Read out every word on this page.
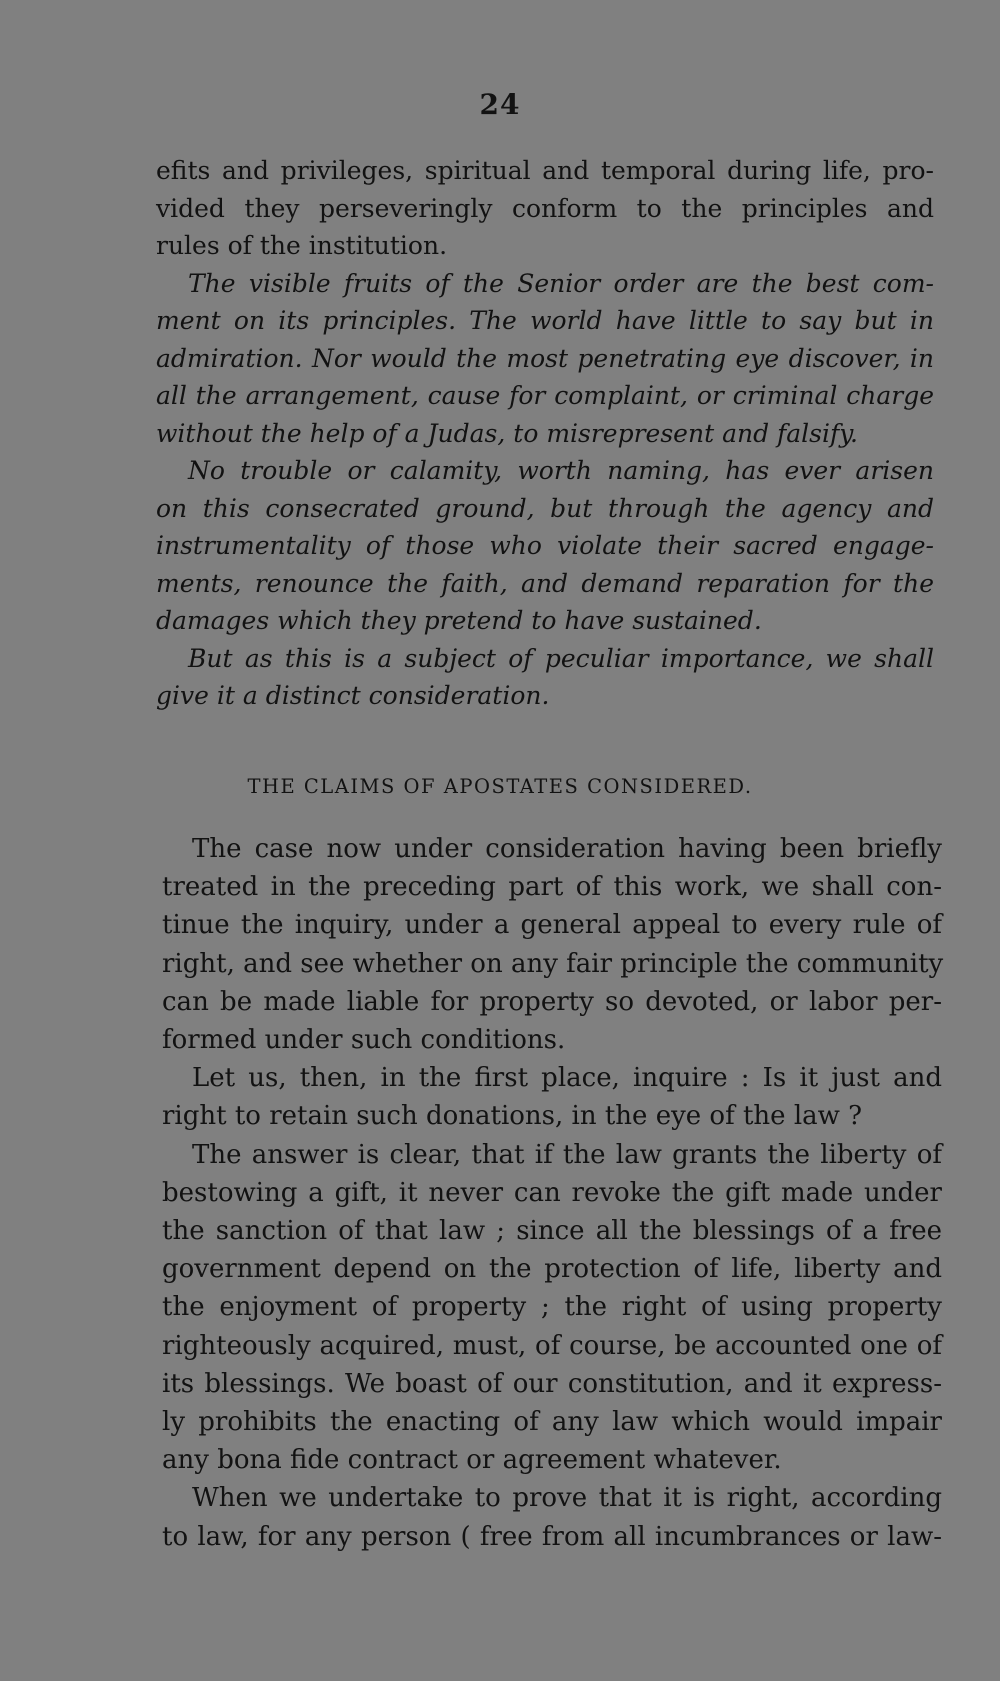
24

efits and privileges, spiritual and temporal during life, pro-
vided they perseveringly conform to the principles and
rules of the institution.

The visible fruits of the Senior order are the best com-
ment on its principles. The world have little to say but in
admiration. Nor would the most penetrating eye discover, in
all the arrangement, cause for complaint, or criminal charge
without the help of a Judas, to misrepresent and falsify.

No trouble or calamity, worth naming, has ever arisen
on this consecrated ground, but through the agency and
instrumentality of those who violate their sacred engage-
ments, renounce the faith, and demand reparation for the
damages which they pretend to have sustained.

But as this is a subject of peculiar importance, we shall
give it a distinct consideration.

THE CLAIMS OF APOSTATES CONSIDERED.
The case now under consideration having been briefly
treated in the preceding part of this work, we shall con-
tinue the inquiry, under a general appeal to every rule of
right, and see whether on any fair principle the community
can be made liable for property so devoted, or labor per-
formed under such conditions.
Let us, then, in the first place, inquire : Is it just and
right to retain such donations, in the eye of the law ?
The answer is clear, that if the law grants the liberty of
bestowing a gift, it never can revoke the gift made under
the sanction of that law ; since all the blessings of a free
government depend on the protection of life, liberty and
the enjoyment of property ; the right of using property
righteously acquired, must, of course, be accounted one of
its blessings. We boast of our constitution, and it express-
ly prohibits the enacting of any law which would impair
any bona fide contract or agreement whatever.
When we undertake to prove that it is right, according
to law, for any person ( free from all incumbrances or law-
